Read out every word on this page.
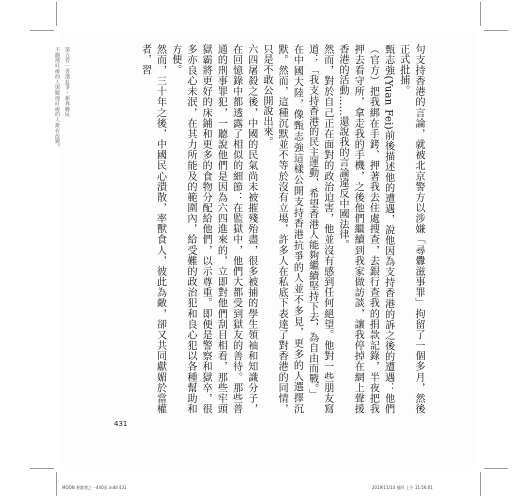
第五卷｜香港抗爭・新界鄉民
不隨地吐痰的人與隨地吐痰的人誰在改變？	句支持香港的言論，就被北京警方以涉嫌「尋釁滋事罪」拘留了一個多月，然後正式批捕。

甄志強(Yuan Fei)前後描述他的遭遇，說他因為支持香港的訴之後的遭遇：他們（官方）把我綁在手銬、押著我去住處搜查，去銀行查我的捐款記錄，半夜把我押去看守所，拿走我的手機，之後他們繼續到我家做訪談，讓我停掉在網上聲援香港的活動……還說我的言論違反中國法律。

然而，對於自己正在面對的政治迫害，他並沒有感到任何絕望。他對一些朋友寫道：「我支持香港的民主運動，希望香港人能夠繼續堅持下去，為自由而戰。」

在中國大陸，像甄志強這樣公開支持香港抗爭的人並不多見，更多的人選擇沉默。然而，這種沉默並不等於沒有立場，許多人在私底下表達了對香港的同情，只是不敢公開說出來。

六四屠殺之後，中國的民氣尚未被摧殘殆盡，很多被捕的學生領袖和知識分子，在回憶錄中都透露了相似的細節：在監獄中，他們大都受到獄友的善待。那些普通的刑事罪犯，一聽說他們是因為六四進來的，立即對他們刮目相看，那些牢頭獄霸將更好的床鋪和更多的食物分配給他們，以示尊重。即便是警察和獄卒，很多亦良心未泯，在其力所能及的範圍內，給受難的政治犯和良心犯以各種幫助和方便。

然而，三十年之後，中國民心潰散，率獸食人，彼此為敵，卻又共同獻媚於當權者，習

431
MOON 香港書之一440頁.indd 431	2019/11/14 週四 上午 11:56:01
